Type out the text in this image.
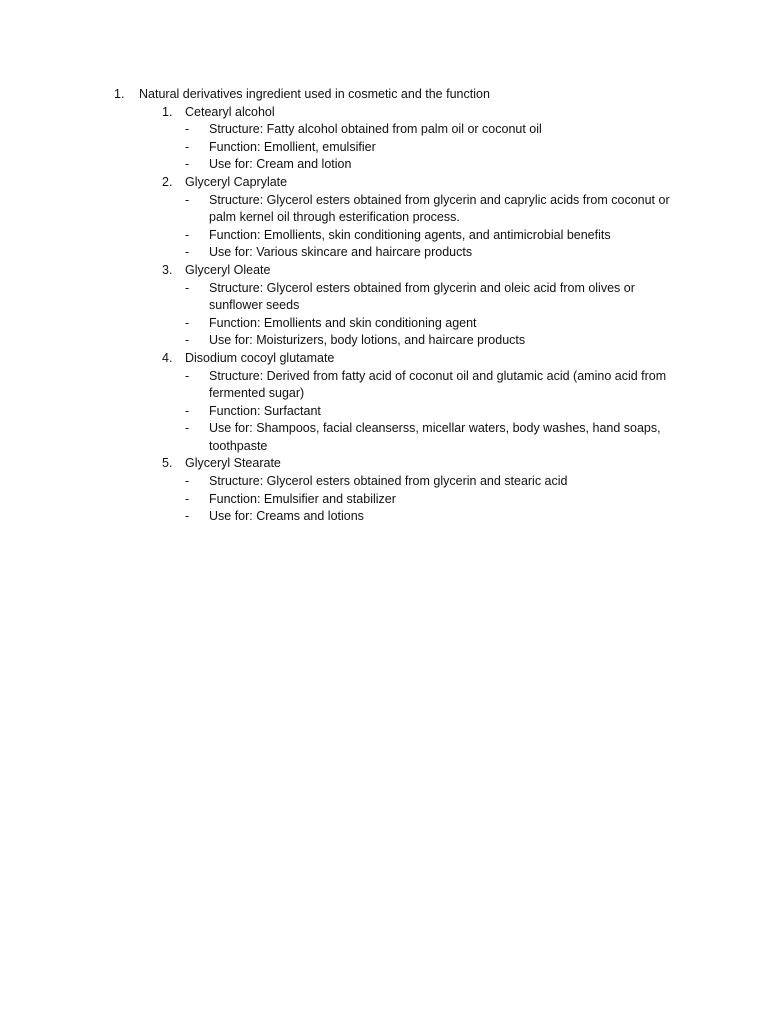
1.	Natural derivatives ingredient used in cosmetic and the function
1.	Cetearyl alcohol
-	Structure: Fatty alcohol obtained from palm oil or coconut oil
-	Function: Emollient, emulsifier
-	Use for: Cream and lotion
2.	Glyceryl Caprylate
-	Structure: Glycerol esters obtained from glycerin and caprylic acids from coconut or palm kernel oil through esterification process.
-	Function: Emollients, skin conditioning agents, and antimicrobial benefits
-	Use for: Various skincare and haircare products
3.	Glyceryl Oleate
-	Structure: Glycerol esters obtained from glycerin and oleic acid from olives or sunflower seeds
-	Function: Emollients and skin conditioning agent
-	Use for: Moisturizers, body lotions, and haircare products
4.	Disodium cocoyl glutamate
-	Structure: Derived from fatty acid of coconut oil and glutamic acid (amino acid from fermented sugar)
-	Function: Surfactant
-	Use for: Shampoos, facial cleanserss, micellar waters, body washes, hand soaps, toothpaste
5.	Glyceryl Stearate
-	Structure: Glycerol esters obtained from glycerin and stearic acid
-	Function: Emulsifier and stabilizer
-	Use for: Creams and lotions
